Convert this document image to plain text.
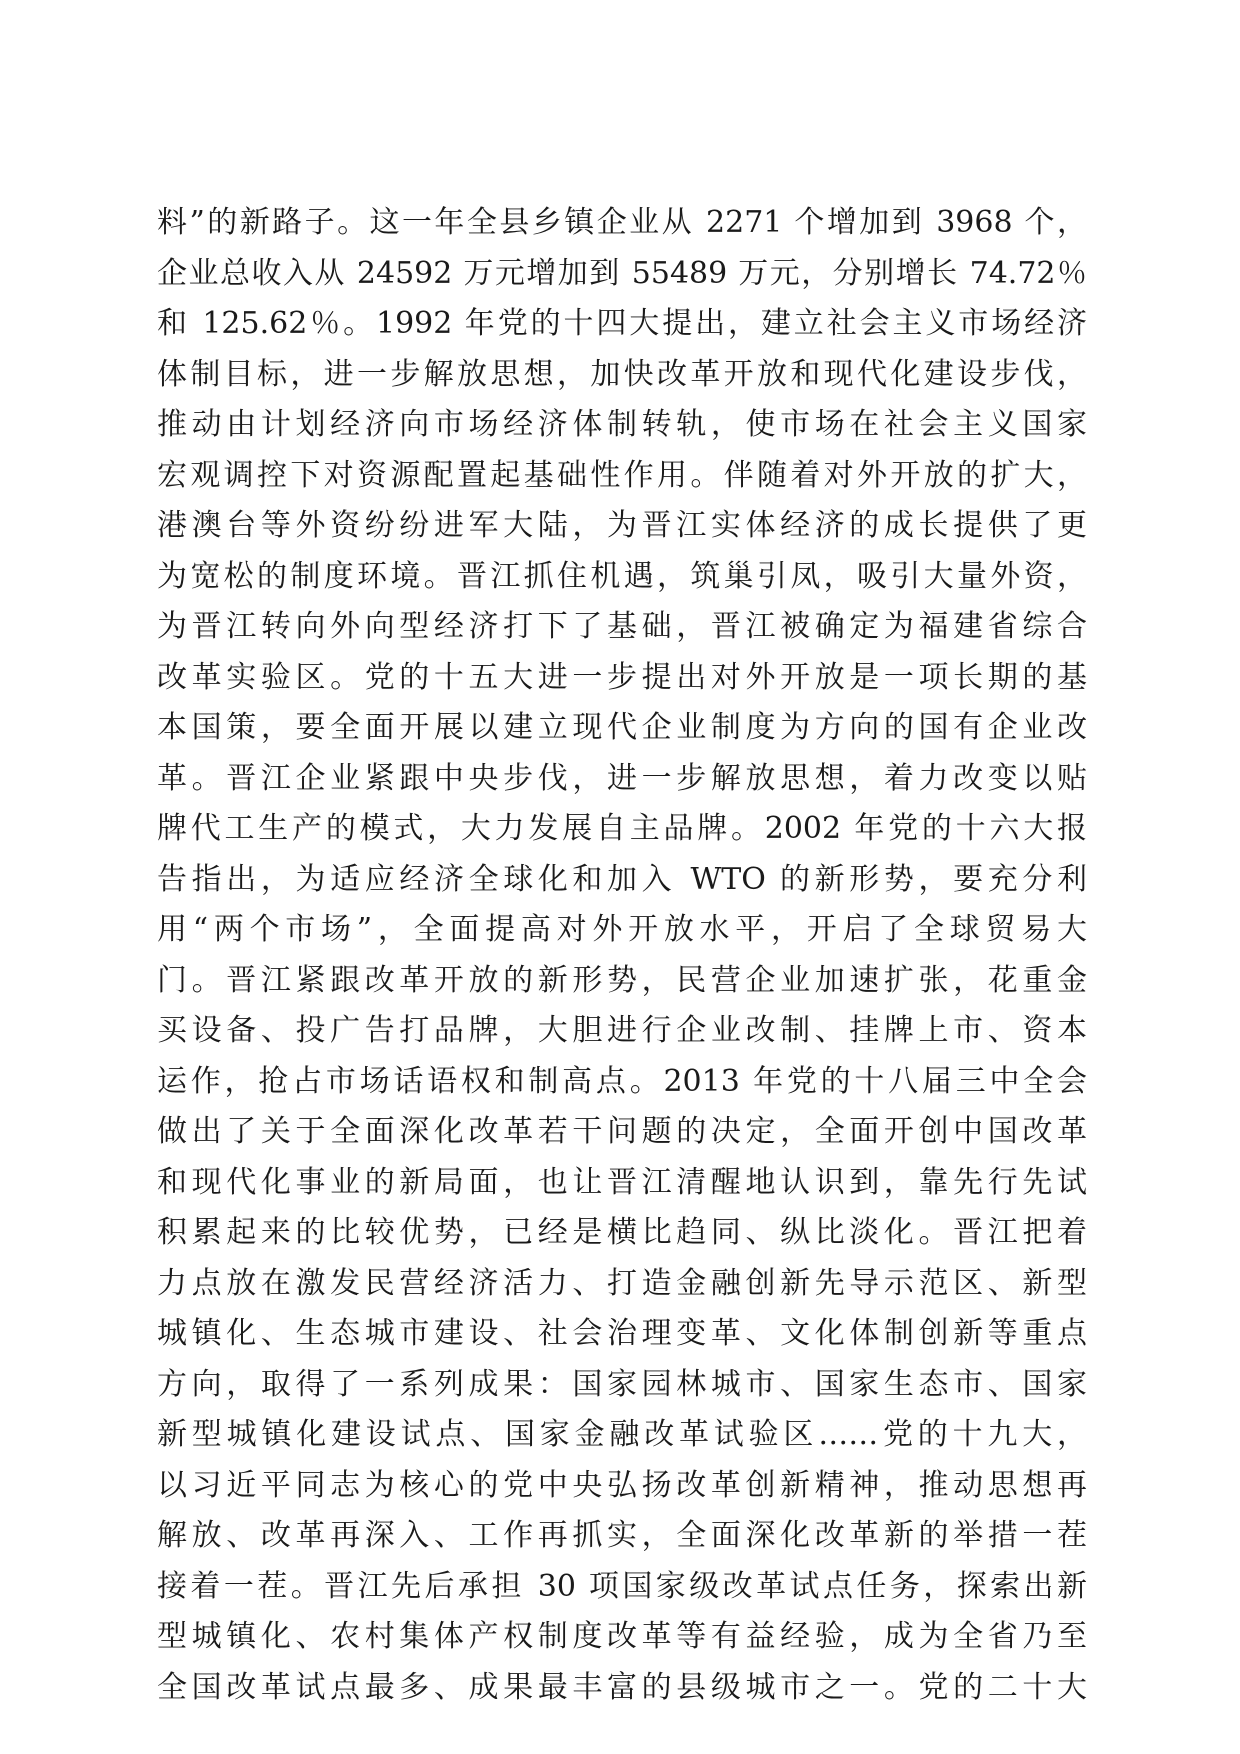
料”的新路子。这一年全县乡镇企业从 2271 个增加到 3968 个，
企业总收入从 24592 万元增加到 55489 万元，分别增长 74.72％
和 125.62％。1992 年党的十四大提出，建立社会主义市场经济
体制目标，进一步解放思想，加快改革开放和现代化建设步伐，
推动由计划经济向市场经济体制转轨，使市场在社会主义国家
宏观调控下对资源配置起基础性作用。伴随着对外开放的扩大，
港澳台等外资纷纷进军大陆，为晋江实体经济的成长提供了更
为宽松的制度环境。晋江抓住机遇，筑巢引凤，吸引大量外资，
为晋江转向外向型经济打下了基础，晋江被确定为福建省综合
改革实验区。党的十五大进一步提出对外开放是一项长期的基
本国策，要全面开展以建立现代企业制度为方向的国有企业改
革。晋江企业紧跟中央步伐，进一步解放思想，着力改变以贴
牌代工生产的模式，大力发展自主品牌。2002 年党的十六大报
告指出，为适应经济全球化和加入 WTO 的新形势，要充分利
用“两个市场”，全面提高对外开放水平，开启了全球贸易大
门。晋江紧跟改革开放的新形势，民营企业加速扩张，花重金
买设备、投广告打品牌，大胆进行企业改制、挂牌上市、资本
运作，抢占市场话语权和制高点。2013 年党的十八届三中全会
做出了关于全面深化改革若干问题的决定，全面开创中国改革
和现代化事业的新局面，也让晋江清醒地认识到，靠先行先试
积累起来的比较优势，已经是横比趋同、纵比淡化。晋江把着
力点放在激发民营经济活力、打造金融创新先导示范区、新型
城镇化、生态城市建设、社会治理变革、文化体制创新等重点
方向，取得了一系列成果：国家园林城市、国家生态市、国家
新型城镇化建设试点、国家金融改革试验区……党的十九大，
以习近平同志为核心的党中央弘扬改革创新精神，推动思想再
解放、改革再深入、工作再抓实，全面深化改革新的举措一茬
接着一茬。晋江先后承担 30 项国家级改革试点任务，探索出新
型城镇化、农村集体产权制度改革等有益经验，成为全省乃至
全国改革试点最多、成果最丰富的县级城市之一。党的二十大
